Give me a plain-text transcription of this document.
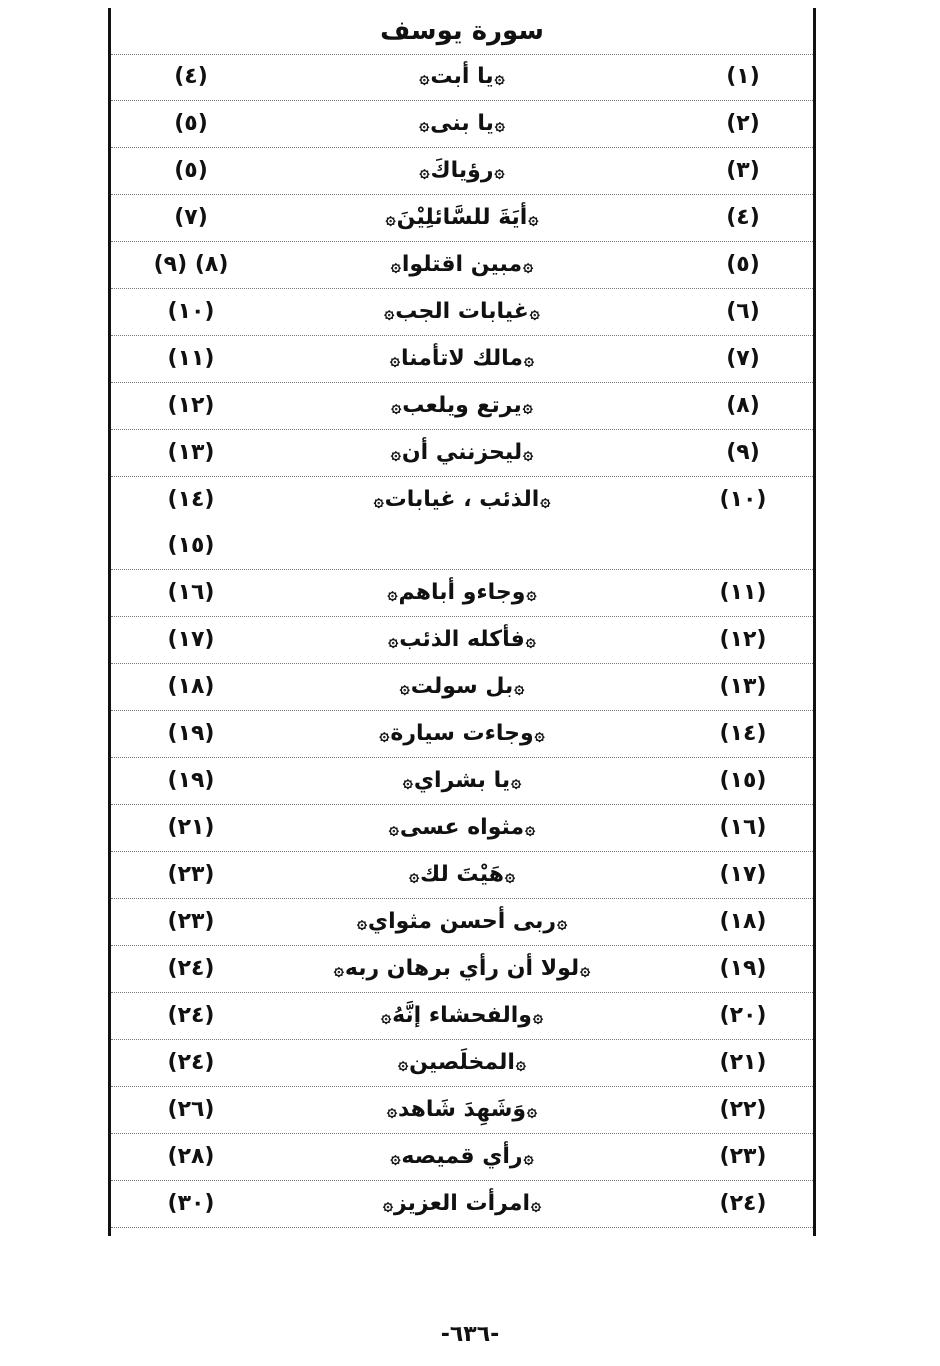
سورة يوسف
(١)
۞يا أبت۞
(٤)
(٢)
۞يا بنى۞
(٥)
(٣)
۞رؤياكَ۞
(٥)
(٤)
۞أيَةَ للسَّائلِيْنَ۞
(٧)
(٥)
۞مبين اقتلوا۞
(٨) (٩)
(٦)
۞غيابات الجب۞
(١٠)
(٧)
۞مالك لاتأمنا۞
(١١)
(٨)
۞يرتع ويلعب۞
(١٢)
(٩)
۞ليحزنني أن۞
(١٣)
(١٠)
۞الذئب ، غيابات۞
(١٤)
(١٥)
(١١)
۞وجاءو أباهم۞
(١٦)
(١٢)
۞فأكله الذئب۞
(١٧)
(١٣)
۞بل سولت۞
(١٨)
(١٤)
۞وجاءت سيارة۞
(١٩)
(١٥)
۞يا بشراي۞
(١٩)
(١٦)
۞مثواه عسى۞
(٢١)
(١٧)
۞هَيْتَ لك۞
(٢٣)
(١٨)
۞ربى أحسن مثواي۞
(٢٣)
(١٩)
۞لولا أن رأي برهان ربه۞
(٢٤)
(٢٠)
۞والفحشاء إنَّهُ۞
(٢٤)
(٢١)
۞المخلَصين۞
(٢٤)
(٢٢)
۞وَشَهِدَ شَاهد۞
(٢٦)
(٢٣)
۞رأي قميصه۞
(٢٨)
(٢٤)
۞امرأت العزيز۞
(٣٠)
-٦٣٦-
